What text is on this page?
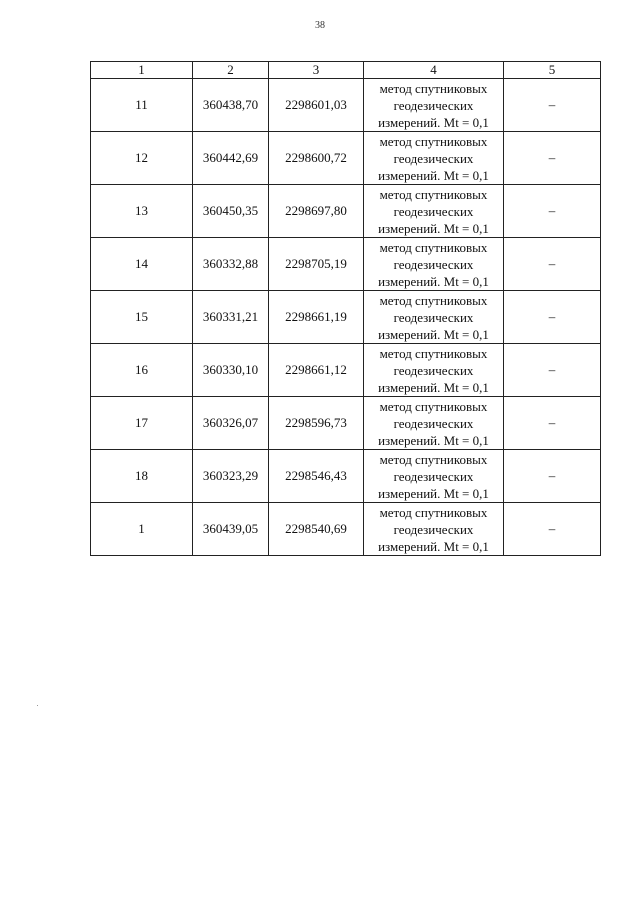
38
1	2	3	4	5
11	360438,70	2298601,03	метод спутниковых
геодезических
измерений. Mt = 0,1	–
12	360442,69	2298600,72	метод спутниковых
геодезических
измерений. Mt = 0,1	–
13	360450,35	2298697,80	метод спутниковых
геодезических
измерений. Mt = 0,1	–
14	360332,88	2298705,19	метод спутниковых
геодезических
измерений. Mt = 0,1	–
15	360331,21	2298661,19	метод спутниковых
геодезических
измерений. Mt = 0,1	–
16	360330,10	2298661,12	метод спутниковых
геодезических
измерений. Mt = 0,1	–
17	360326,07	2298596,73	метод спутниковых
геодезических
измерений. Mt = 0,1	–
18	360323,29	2298546,43	метод спутниковых
геодезических
измерений. Mt = 0,1	–
1	360439,05	2298540,69	метод спутниковых
геодезических
измерений. Mt = 0,1	–
